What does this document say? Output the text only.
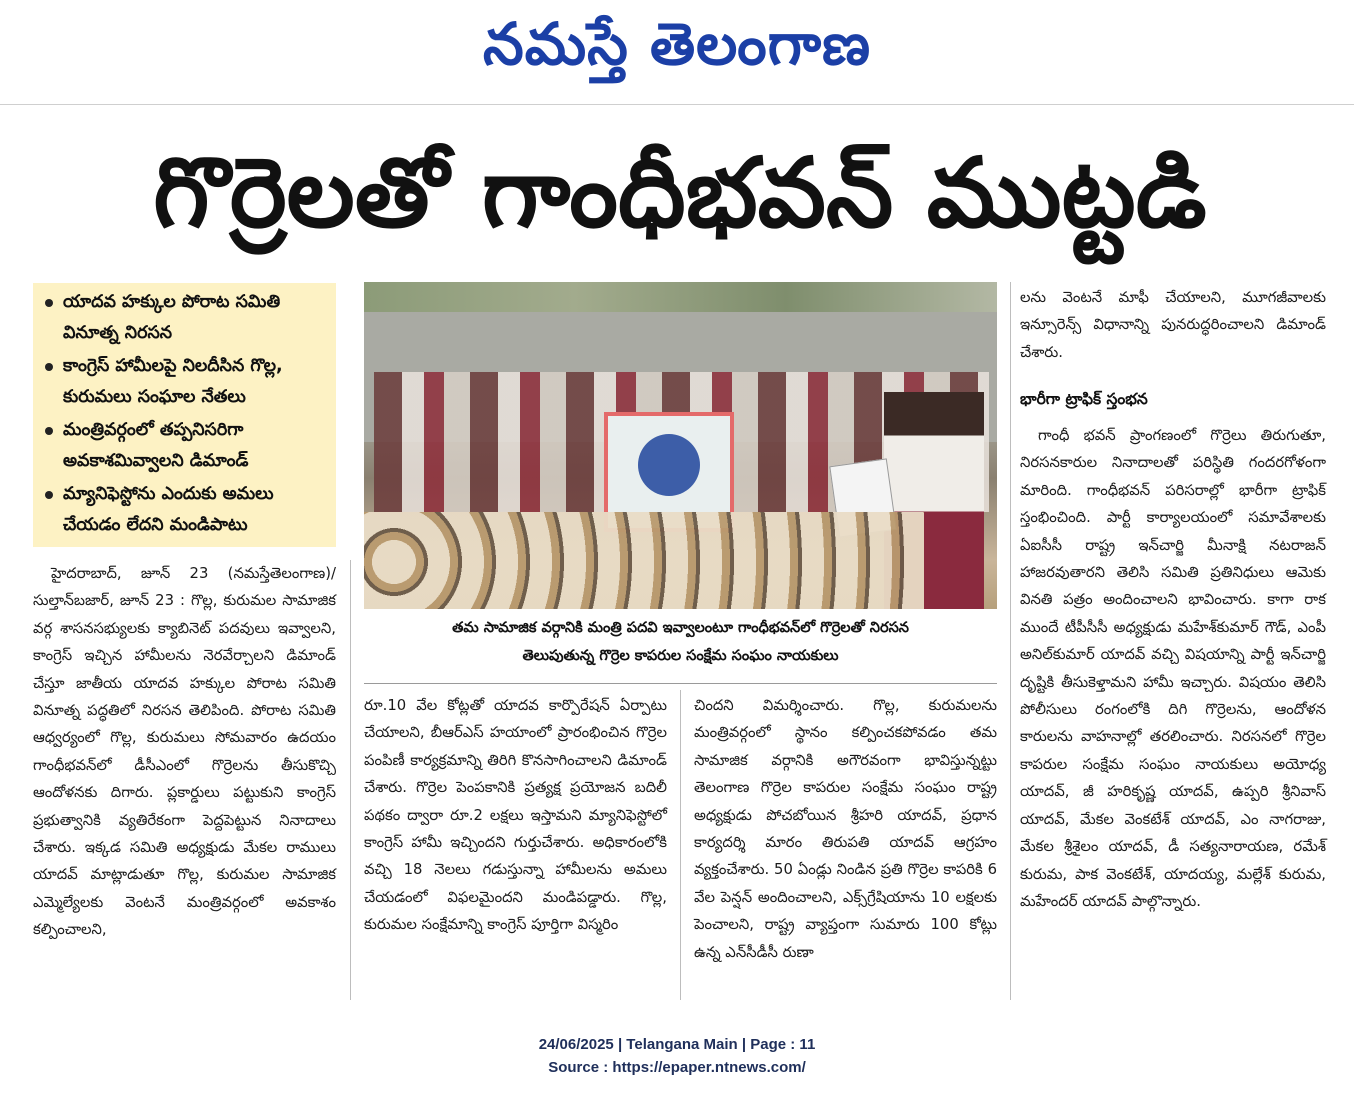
నమస్తే తెలంగాణ
గొర్రెలతో గాంధీభవన్ ముట్టడి
యాదవ హక్కుల పోరాట సమితి వినూత్న నిరసన
కాంగ్రెస్ హామీలపై నిలదీసిన గొల్ల, కురుమలు సంఘాల నేతలు
మంత్రివర్గంలో తప్పనిసరిగా అవకాశమివ్వాలని డిమాండ్
మ్యానిఫెస్టోను ఎందుకు అమలు చేయడం లేదని మండిపాటు
తమ సామాజిక వర్గానికి మంత్రి పదవి ఇవ్వాలంటూ గాంధీభవన్‌లో గొర్రెలతో నిరసన
తెలుపుతున్న గొర్రెల కాపరుల సంక్షేమ సంఘం నాయకులు

హైదరాబాద్, జూన్ 23 (నమస్తేతెలంగాణ)/ సుల్తాన్‌బజార్, జూన్ 23 : గొల్ల, కురుమల సామాజిక వర్గ శాసనసభ్యులకు క్యాబినెట్ పదవులు ఇవ్వాలని, కాంగ్రెస్ ఇచ్చిన హామీలను నెరవేర్చాలని డిమాండ్ చేస్తూ జాతీయ యాదవ హక్కుల పోరాట సమితి వినూత్న పద్ధతిలో నిరసన తెలిపింది. పోరాట సమితి ఆధ్వర్యంలో గొల్ల, కురుమలు సోమవారం ఉదయం గాంధీభవన్‌లో డీసీఎంలో గొర్రెలను తీసుకొచ్చి ఆందోళనకు దిగారు. ప్లకార్డులు పట్టుకుని కాంగ్రెస్ ప్రభుత్వానికి వ్యతిరేకంగా పెద్దపెట్టున నినాదాలు చేశారు. ఇక్కడ సమితి అధ్యక్షుడు మేకల రాములు యాదవ్ మాట్లాడుతూ గొల్ల, కురుమల సామాజిక ఎమ్మెల్యేలకు వెంటనే మంత్రివర్గంలో అవకాశం కల్పించాలని,

రూ.10 వేల కోట్లతో యాదవ కార్పొరేషన్ ఏర్పాటు చేయాలని, బీఆర్‌ఎస్ హయాంలో ప్రారంభించిన గొర్రెల పంపిణీ కార్యక్రమాన్ని తిరిగి కొనసాగించాలని డిమాండ్ చేశారు. గొర్రెల పెంపకానికి ప్రత్యక్ష ప్రయోజన బదిలీ పథకం ద్వారా రూ.2 లక్షలు ఇస్తామని మ్యానిఫెస్టోలో కాంగ్రెస్ హామీ ఇచ్చిందని గుర్తుచేశారు. అధికారంలోకి వచ్చి 18 నెలలు గడుస్తున్నా హామీలను అమలు చేయడంలో విఫలమైందని మండిపడ్డారు. గొల్ల, కురుమల సంక్షేమాన్ని కాంగ్రెస్ పూర్తిగా విస్మరిం

చిందని విమర్శించారు. గొల్ల, కురుమలను మంత్రివర్గంలో స్థానం కల్పించకపోవడం తమ సామాజిక వర్గానికి అగౌరవంగా భావిస్తున్నట్టు తెలంగాణ గొర్రెల కాపరుల సంక్షేమ సంఘం రాష్ట్ర అధ్యక్షుడు పోచబోయిన శ్రీహరి యాదవ్, ప్రధాన కార్యదర్శి మారం తిరుపతి యాదవ్ ఆగ్రహం వ్యక్తంచేశారు. 50 ఏండ్లు నిండిన ప్రతి గొర్రెల కాపరికి 6 వేల పెన్షన్ అందించాలని, ఎక్స్‌గ్రేషియాను 10 లక్షలకు పెంచాలని, రాష్ట్ర వ్యాప్తంగా సుమారు 100 కోట్లు ఉన్న ఎన్‌సీడీసీ రుణా

లను వెంటనే మాఫీ చేయాలని, మూగజీవాలకు ఇన్సూరెన్స్ విధానాన్ని పునరుద్ధరించాలని డిమాండ్ చేశారు.

భారీగా ట్రాఫిక్ స్తంభన

గాంధీ భవన్ ప్రాంగణంలో గొర్రెలు తిరుగుతూ, నిరసనకారుల నినాదాలతో పరిస్థితి గందరగోళంగా మారింది. గాంధీభవన్ పరిసరాల్లో భారీగా ట్రాఫిక్ స్తంభించింది. పార్టీ కార్యాలయంలో సమావేశాలకు ఏఐసీసీ రాష్ట్ర ఇన్‌చార్జి మీనాక్షి నటరాజన్ హాజరవుతారని తెలిసి సమితి ప్రతినిధులు ఆమెకు వినతి పత్రం అందించాలని భావించారు. కాగా రాక ముందే టీపీసీసీ అధ్యక్షుడు మహేశ్‌కుమార్ గౌడ్, ఎంపీ అనిల్‌కుమార్ యాదవ్ వచ్చి విషయాన్ని పార్టీ ఇన్‌చార్జి దృష్టికి తీసుకెళ్తామని హామీ ఇచ్చారు. విషయం తెలిసి పోలీసులు రంగంలోకి దిగి గొర్రెలను, ఆందోళన కారులను వాహనాల్లో తరలించారు. నిరసనలో గొర్రెల కాపరుల సంక్షేమ సంఘం నాయకులు అయోధ్య యాదవ్, జీ హరికృష్ణ యాదవ్, ఉప్పరి శ్రీనివాస్ యాదవ్, మేకల వెంకటేశ్ యాదవ్, ఎం నాగరాజు, మేకల శ్రీశైలం యాదవ్, డీ సత్యనారాయణ, రమేశ్ కురుమ, పాక వెంకటేశ్, యాదయ్య, మల్లేశ్ కురుమ, మహేందర్ యాదవ్ పాల్గొన్నారు.

24/06/2025 | Telangana Main | Page : 11
Source : https://epaper.ntnews.com/
